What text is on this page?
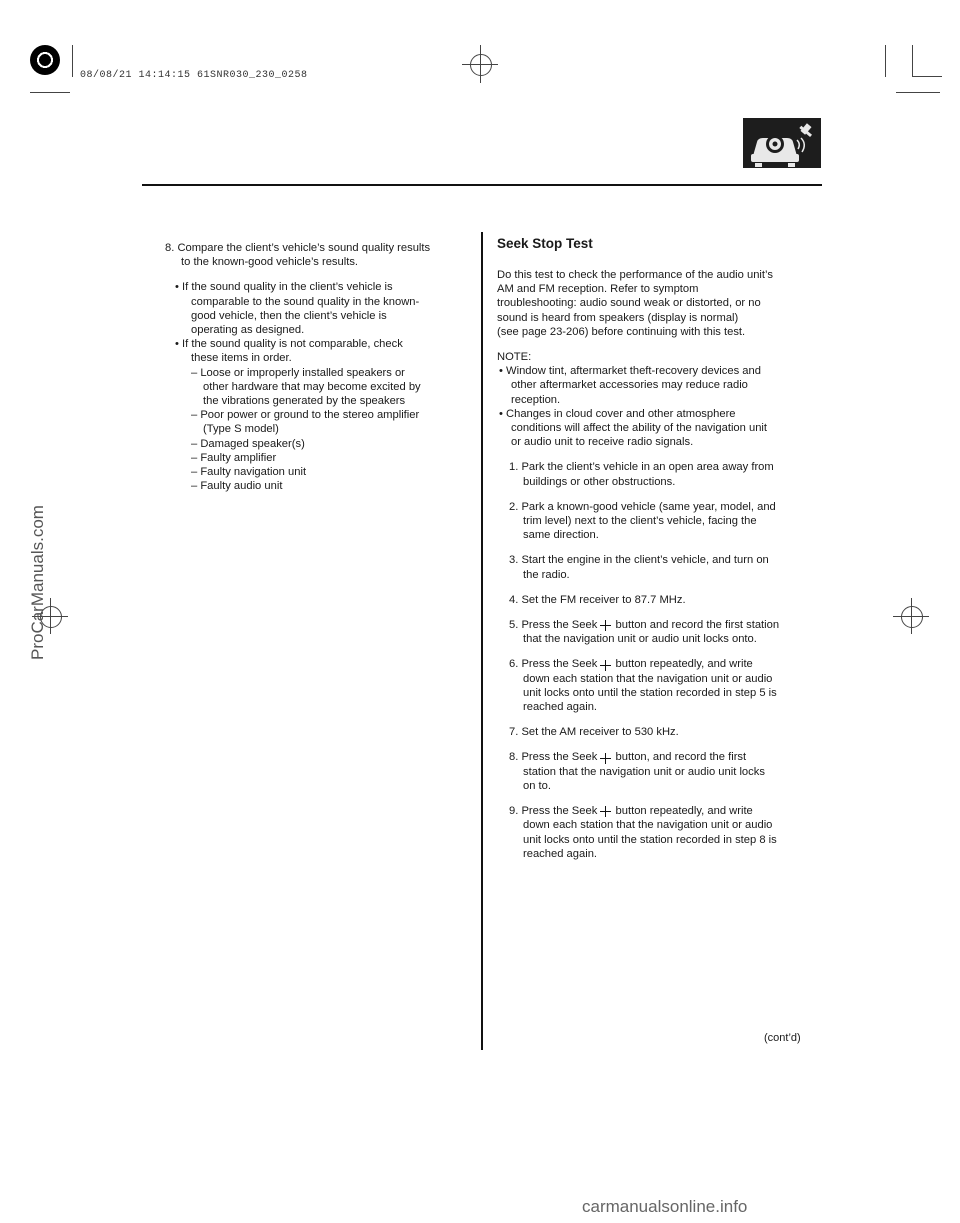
08/08/21 14:14:15 61SNR030_230_0258
8. Compare the client’s vehicle’s sound quality results
to the known-good vehicle’s results.
• If the sound quality in the client’s vehicle is
comparable to the sound quality in the known-
good vehicle, then the client’s vehicle is
operating as designed.
• If the sound quality is not comparable, check
these items in order.
– Loose or improperly installed speakers or
other hardware that may become excited by
the vibrations generated by the speakers
– Poor power or ground to the stereo amplifier
(Type S model)
– Damaged speaker(s)
– Faulty amplifier
– Faulty navigation unit
– Faulty audio unit
Seek Stop Test
Do this test to check the performance of the audio unit’s
AM and FM reception. Refer to symptom
troubleshooting: audio sound weak or distorted, or no
sound is heard from speakers (display is normal)
(see page 23-206) before continuing with this test.
NOTE:
• Window tint, aftermarket theft-recovery devices and
other aftermarket accessories may reduce radio
reception.
• Changes in cloud cover and other atmosphere
conditions will affect the ability of the navigation unit
or audio unit to receive radio signals.
1. Park the client’s vehicle in an open area away from
buildings or other obstructions.
2. Park a known-good vehicle (same year, model, and
trim level) next to the client’s vehicle, facing the
same direction.
3. Start the engine in the client’s vehicle, and turn on
the radio.
4. Set the FM receiver to 87.7 MHz.
5. Press the Seek button and record the first station
that the navigation unit or audio unit locks onto.
6. Press the Seek button repeatedly, and write
down each station that the navigation unit or audio
unit locks onto until the station recorded in step 5 is
reached again.
7. Set the AM receiver to 530 kHz.
8. Press the Seek button, and record the first
station that the navigation unit or audio unit locks
on to.
9. Press the Seek button repeatedly, and write
down each station that the navigation unit or audio
unit locks onto until the station recorded in step 8 is
reached again.
(cont’d)
ProCarManuals.com
carmanualsonline.info
